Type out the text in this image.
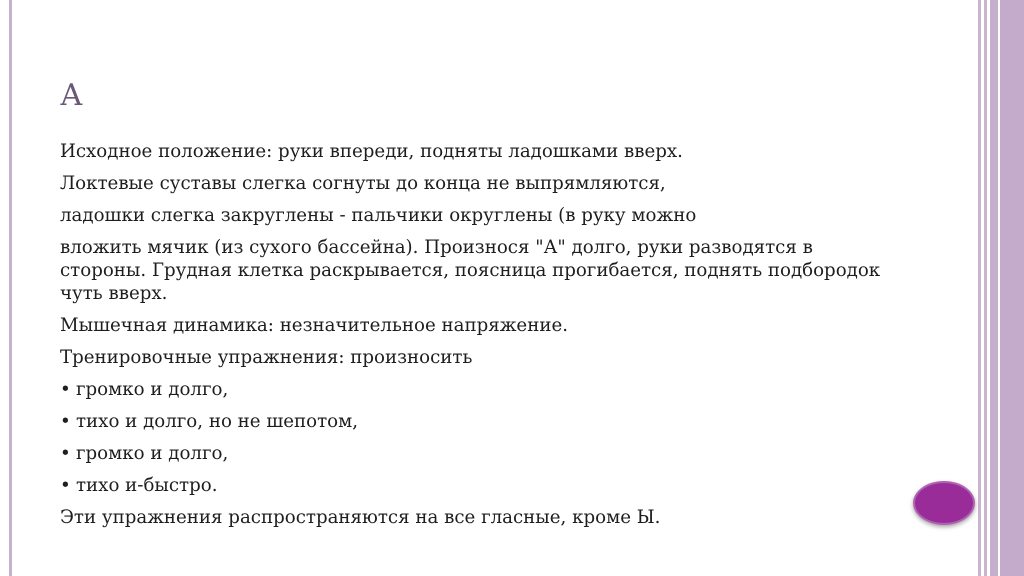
А
Исходное положение: руки впереди, подняты ладошками вверх.
Локтевые суставы слегка согнуты до конца не выпрямляются,
ладошки слегка закруглены - пальчики округлены (в руку можно
вложить мячик (из сухого бассейна). Произнося "А" долго, руки разводятся в стороны. Грудная клетка раскрывается, поясница прогибается, поднять подбородок чуть вверх.
Мышечная динамика: незначительное напряжение.
Тренировочные упражнения: произносить
• громко и долго,
• тихо и долго, но не шепотом,
• громко и долго,
• тихо и-быстро.
Эти упражнения распространяются на все гласные, кроме Ы.
